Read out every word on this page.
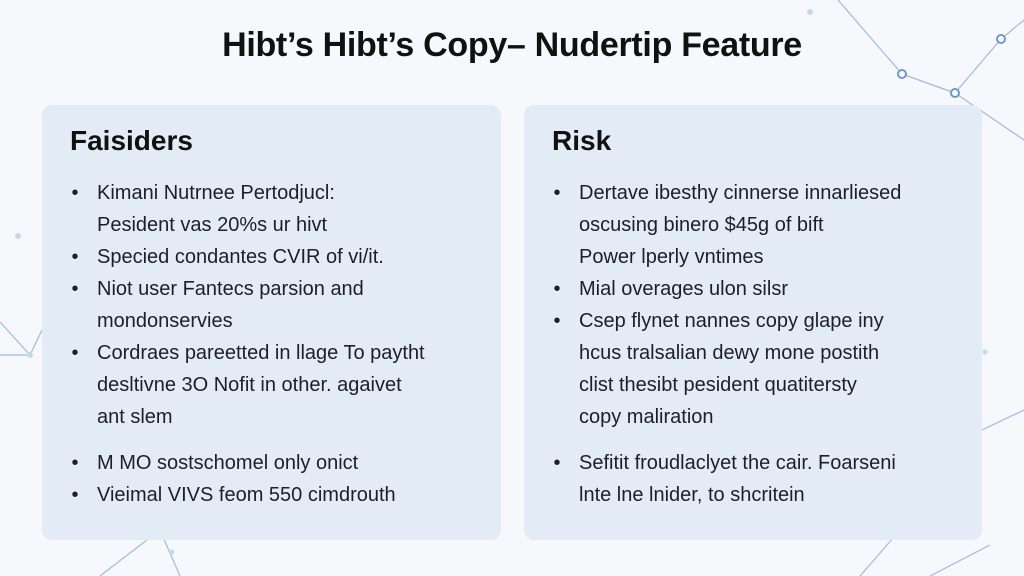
Hibt’s Hibt’s Copy– Nudertip Feature
Faisiders
• Kimani Nutrnee Pertodjucl:
Pesident vas 20%s ur hivt
• Specied condantes CVIR of vi/it.
• Niot user Fantecs parsion and
mondonservies
• Cordraes pareetted in llage To paytht
desltivne 3O Nofit in other. agaivet
ant slem
• M MO sostschomel only onict
• Vieimal VIVS feom 550 cimdrouth
Risk
• Dertave ibesthy cinnerse innarliesed
oscusing binero $45g of bift
Power lperly vntimes
• Mial overages ulon silsr
• Csep flynet nannes copy glape iny
hcus tralsalian dewy mone postith
clist thesibt pesident quatitersty
copy maliration
• Sefitit froudlaclyet the cair. Foarseni
lnte lne lnider, to shcritein
